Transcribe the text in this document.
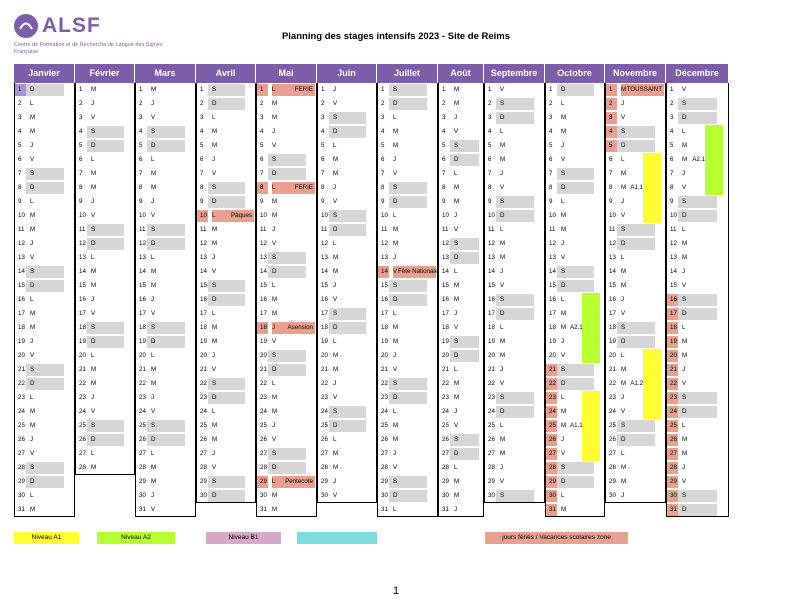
ALSF
Centre de Formation et de Recherche de Langue des Signes Française
Planning des stages intensifs 2023 - Site de Reims
Janvier
1 D
2 L
3 M
4 M
5 J
6 V
7 S
8 D
9 L
10 M
11 M
12 J
13 V
14 S
15 D
16 L
17 M
18 M
19 J
20 V
21 S
22 D
23 L
24 M
25 M
26 J
27 V
28 S
29 D
30 L
31 M
Février
1 M
2 J
3 V
4 S
5 D
6 L
7 M
8 M
9 J
10 V
11 S
12 D
13 L
14 M
15 M
16 J
17 V
18 S
19 D
20 L
21 M
22 M
23 J
24 V
25 S
26 D
27 L
28 M
Mars
1 M
2 J
3 V
4 S
5 D
6 L
7 M
8 M
9 J
10 V
11 S
12 D
13 L
14 M
15 M
16 J
17 V
18 S
19 D
20 L
21 M
22 M
23 J
24 V
25 S
26 D
27 L
28 M
29 M
30 J
31 V
Avril
1 S
2 D
3 L
4 M
5 M
6 J
7 V
8 S
9 D
10 L	Pâques
11 M
12 M
13 J
14 V
15 S
16 D
17 L
18 M
19 M
20 J
21 V
22 S
23 D
24 L
25 M
26 M
27 J
28 V
29 S
30 D
Mai
1 L	FERIE
2 M
3 M
4 J
5 V
6 S
7 D
8 L	FERIE
9 M
10 M
11 J
12 V
13 S
14 D
15 L
16 M
17 M
18 J	Asension
19 V
20 S
21 D
22 L
23 M
24 M
25 J
26 V
27 S
28 D
29 L	Pentecote
30 M
31 M
Juin
1 J
2 V
3 S
4 D
5 L
6 M
7 M
8 J
9 V
10 S
11 D
12 L
13 M
14 M
15 J
16 V
17 S
18 D
19 L
20 M
21 M
22 J
23 V
24 S
25 D
26 L
27 M
28 M
29 J
30 V
Juillet
1 S
2 D
3 L
4 M
5 M
6 J
7 V
8 S
9 D
10 L
11 M
12 M
13 J
14 V Fête Nationale
15 S
16 D
17 L
18 M
19 M
20 J
21 V
22 S
23 D
24 L
25 M
26 M
27 J
28 V
29 S
30 D
31 L
Août
1 M
2 M
3 J
4 V
5 S
6 D
7 L
8 M
9 M
10 J
11 V
12 S
13 D
14 L
15 M
16 M
17 J
18 V
19 S
20 D
21 L
22 M
23 M
24 J
25 V
26 S
27 D
28 L
29 M
30 M
31 J
Septembre
1 V
2 S
3 D
4 L
5 M
6 M
7 J
8 V
9 S
10 D
11 L
12 M
13 M
14 J
15 V
16 S
17 D
18 L
19 M
20 M
21 J
22 V
23 S
24 D
25 L
26 M
27 M
28 J
29 V
30 S
Octobre
1 D
2 L
3 M
4 M
5 J
6 V
7 S
8 D
9 L
10 M
11 M
12 J
13 V
14 S
15 D
16 L
17 M
18 M
19 J
20 V
21 S
22 D
23 L
24 M
25 M
26 J
27 V
28 S
29 D
30 L
31 M
A2.1
A1.1
Novembre
1 M TOUSSAINT
2 J
3 V
4 S
5 D
6 L
7 M
8 M
9 J
10 V
11 S
12 D
13 L
14 M
15 M
16 J
17 V
18 S
19 D
20 L
21 M
22 M
23 J
24 V
25 S
26 D
27 L
28 M
29 M
30 J
A1.1
A1.2
Décembre
1 V
2 S
3 D
4 L
5 M
6 M
7 J
8 V
9 S
10 D
11 L
12 M
13 M
14 J
15 V
16 S
17 D
18 L
19 M
20 M
21 J
22 V
23 S
24 D
25 L
26 M
27 M
28 J
29 V
30 S
31 D
A2.1
Niveau A1	Niveau A2	Niveau B1	jours fériés / Vacances scolaires zone
1
